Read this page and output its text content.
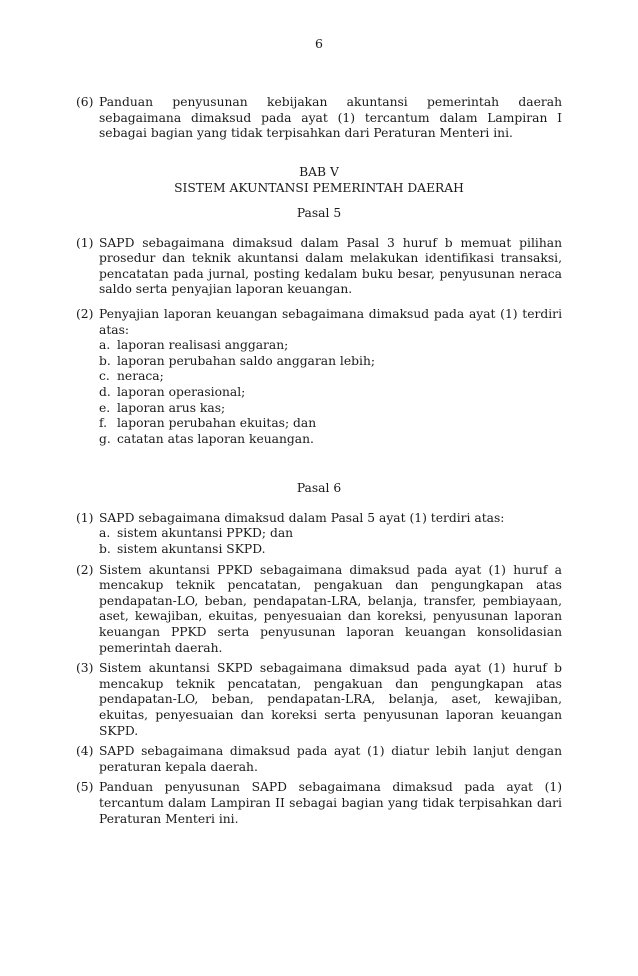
6
(6) Panduan penyusunan kebijakan akuntansi pemerintah daerah sebagaimana dimaksud pada ayat (1) tercantum dalam Lampiran I sebagai bagian yang tidak terpisahkan dari Peraturan Menteri ini.
BAB V
SISTEM AKUNTANSI PEMERINTAH DAERAH
Pasal 5
(1) SAPD sebagaimana dimaksud dalam Pasal 3 huruf b memuat pilihan prosedur dan teknik akuntansi dalam melakukan identifikasi transaksi, pencatatan pada jurnal, posting kedalam buku besar, penyusunan neraca saldo serta penyajian laporan keuangan.
(2) Penyajian laporan keuangan sebagaimana dimaksud pada ayat (1) terdiri atas:
a. laporan realisasi anggaran;
b. laporan perubahan saldo anggaran lebih;
c. neraca;
d. laporan operasional;
e. laporan arus kas;
f. laporan perubahan ekuitas; dan
g. catatan atas laporan keuangan.
Pasal 6
(1) SAPD sebagaimana dimaksud dalam Pasal 5 ayat (1) terdiri atas:
a. sistem akuntansi PPKD; dan
b. sistem akuntansi SKPD.
(2) Sistem akuntansi PPKD sebagaimana dimaksud pada ayat (1) huruf a mencakup teknik pencatatan, pengakuan dan pengungkapan atas pendapatan-LO, beban, pendapatan-LRA, belanja, transfer, pembiayaan, aset, kewajiban, ekuitas, penyesuaian dan koreksi, penyusunan laporan keuangan PPKD serta penyusunan laporan keuangan konsolidasian pemerintah daerah.
(3) Sistem akuntansi SKPD sebagaimana dimaksud pada ayat (1) huruf b mencakup teknik pencatatan, pengakuan dan pengungkapan atas pendapatan-LO, beban, pendapatan-LRA, belanja, aset, kewajiban, ekuitas, penyesuaian dan koreksi serta penyusunan laporan keuangan SKPD.
(4) SAPD sebagaimana dimaksud pada ayat (1) diatur lebih lanjut dengan peraturan kepala daerah.
(5) Panduan penyusunan SAPD sebagaimana dimaksud pada ayat (1) tercantum dalam Lampiran II sebagai bagian yang tidak terpisahkan dari Peraturan Menteri ini.
